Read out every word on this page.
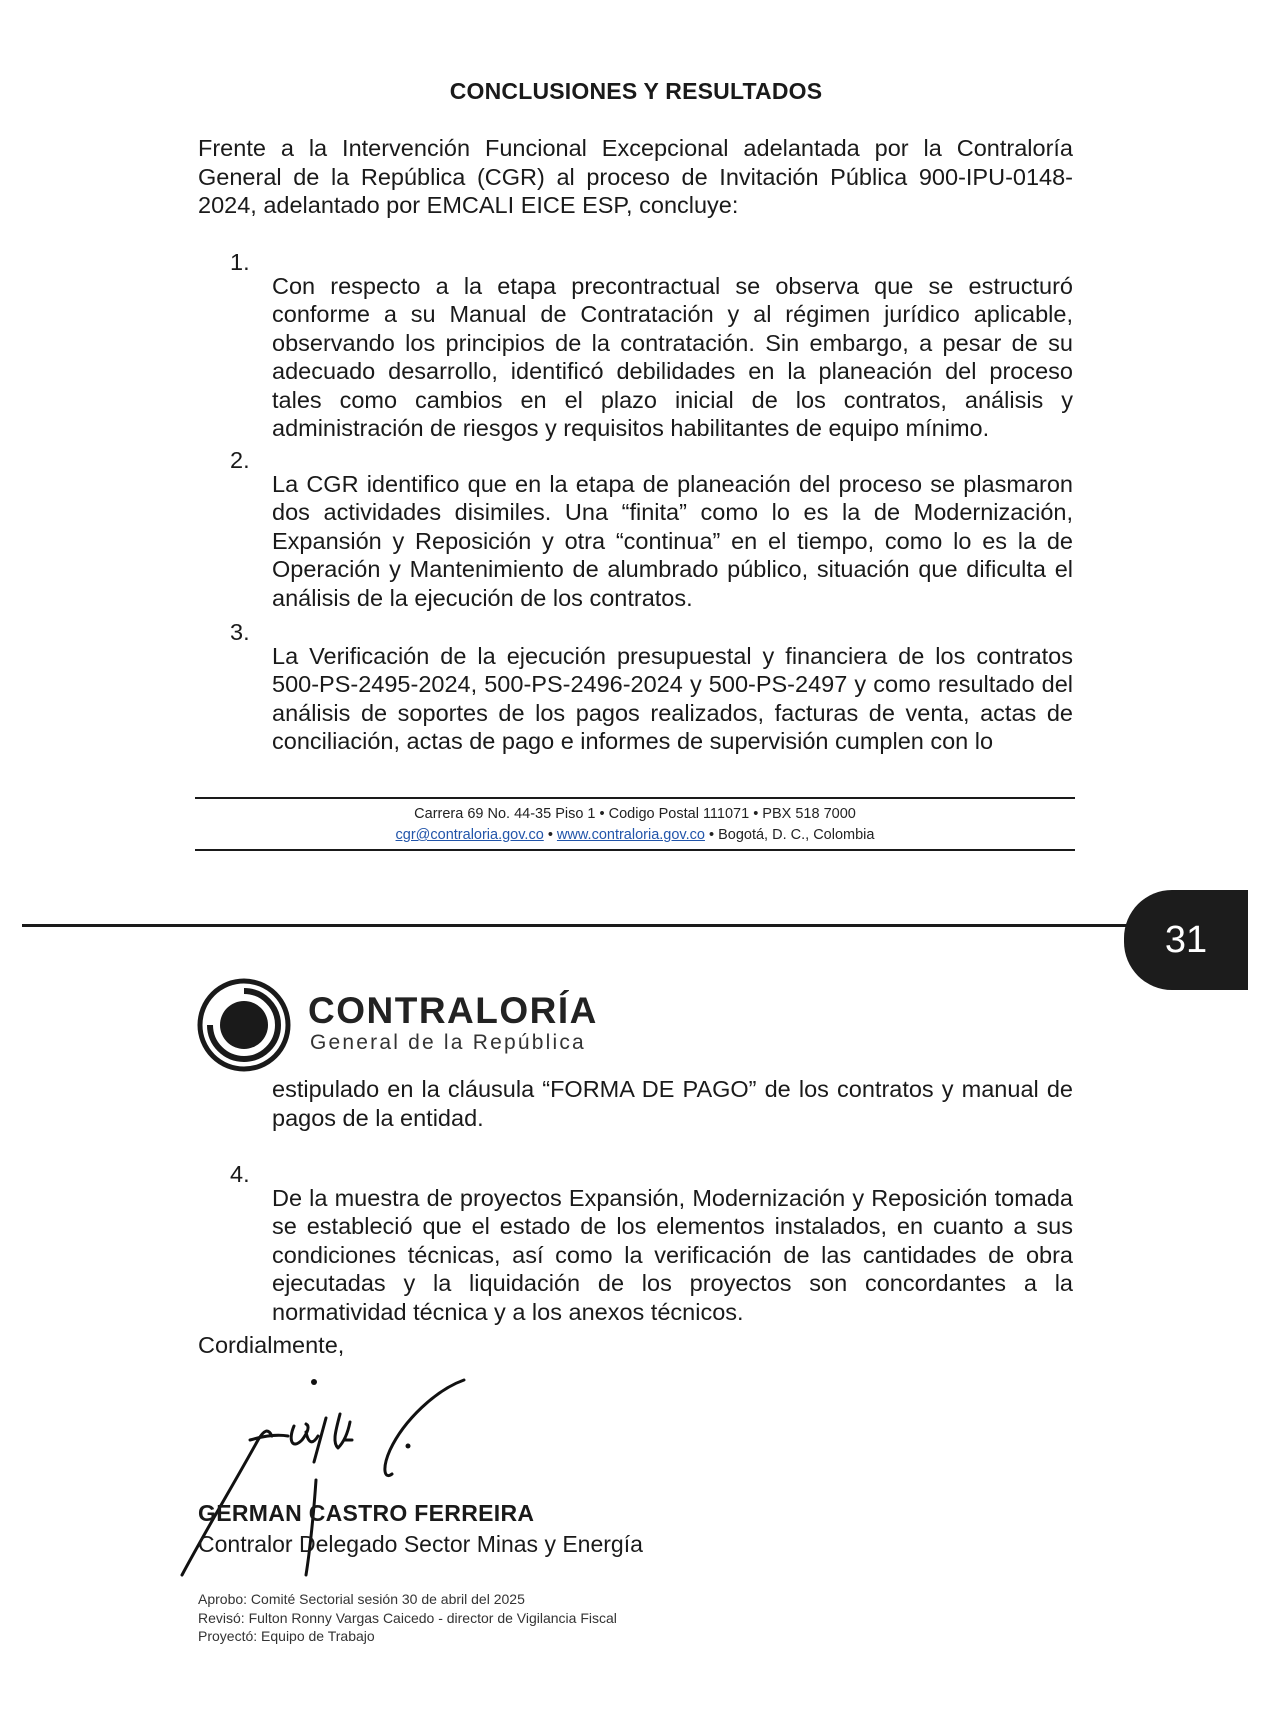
CONCLUSIONES Y RESULTADOS

Frente a la Intervención Funcional Excepcional adelantada por la Contraloría General de la República (CGR) al proceso de Invitación Pública 900-IPU-0148-2024, adelantado por EMCALI EICE ESP, concluye:

1.

Con respecto a la etapa precontractual se observa que se estructuró conforme a su Manual de Contratación y al régimen jurídico aplicable, observando los principios de la contratación. Sin embargo, a pesar de su adecuado desarrollo, identificó debilidades en la planeación del proceso tales como cambios en el plazo inicial de los contratos, análisis y administración de riesgos y requisitos habilitantes de equipo mínimo.

2.

La CGR identifico que en la etapa de planeación del proceso se plasmaron dos actividades disimiles. Una “finita” como lo es la de Modernización, Expansión y Reposición y otra “continua” en el tiempo, como lo es la de Operación y Mantenimiento de alumbrado público, situación que dificulta el análisis de la ejecución de los contratos.

3.

La Verificación de la ejecución presupuestal y financiera de los contratos 500-PS-2495-2024, 500-PS-2496-2024 y 500-PS-2497 y como resultado del análisis de soportes de los pagos realizados, facturas de venta, actas de conciliación, actas de pago e informes de supervisión cumplen con lo

Carrera 69 No. 44-35 Piso 1 • Codigo Postal 111071 • PBX 518 7000
cgr@contraloria.gov.co • www.contraloria.gov.co • Bogotá, D. C., Colombia
31
CONTRALORÍA
General de la República

estipulado en la cláusula “FORMA DE PAGO” de los contratos y manual de pagos de la entidad.

4.

De la muestra de proyectos Expansión, Modernización y Reposición tomada se estableció que el estado de los elementos instalados, en cuanto a sus condiciones técnicas, así como la verificación de las cantidades de obra ejecutadas y la liquidación de los proyectos son concordantes a la normatividad técnica y a los anexos técnicos.

Cordialmente,
GERMAN CASTRO FERREIRA
Contralor Delegado Sector Minas y Energía
Aprobo: Comité Sectorial sesión 30 de abril del 2025
Revisó: Fulton Ronny Vargas Caicedo - director de Vigilancia Fiscal
Proyectó: Equipo de Trabajo
